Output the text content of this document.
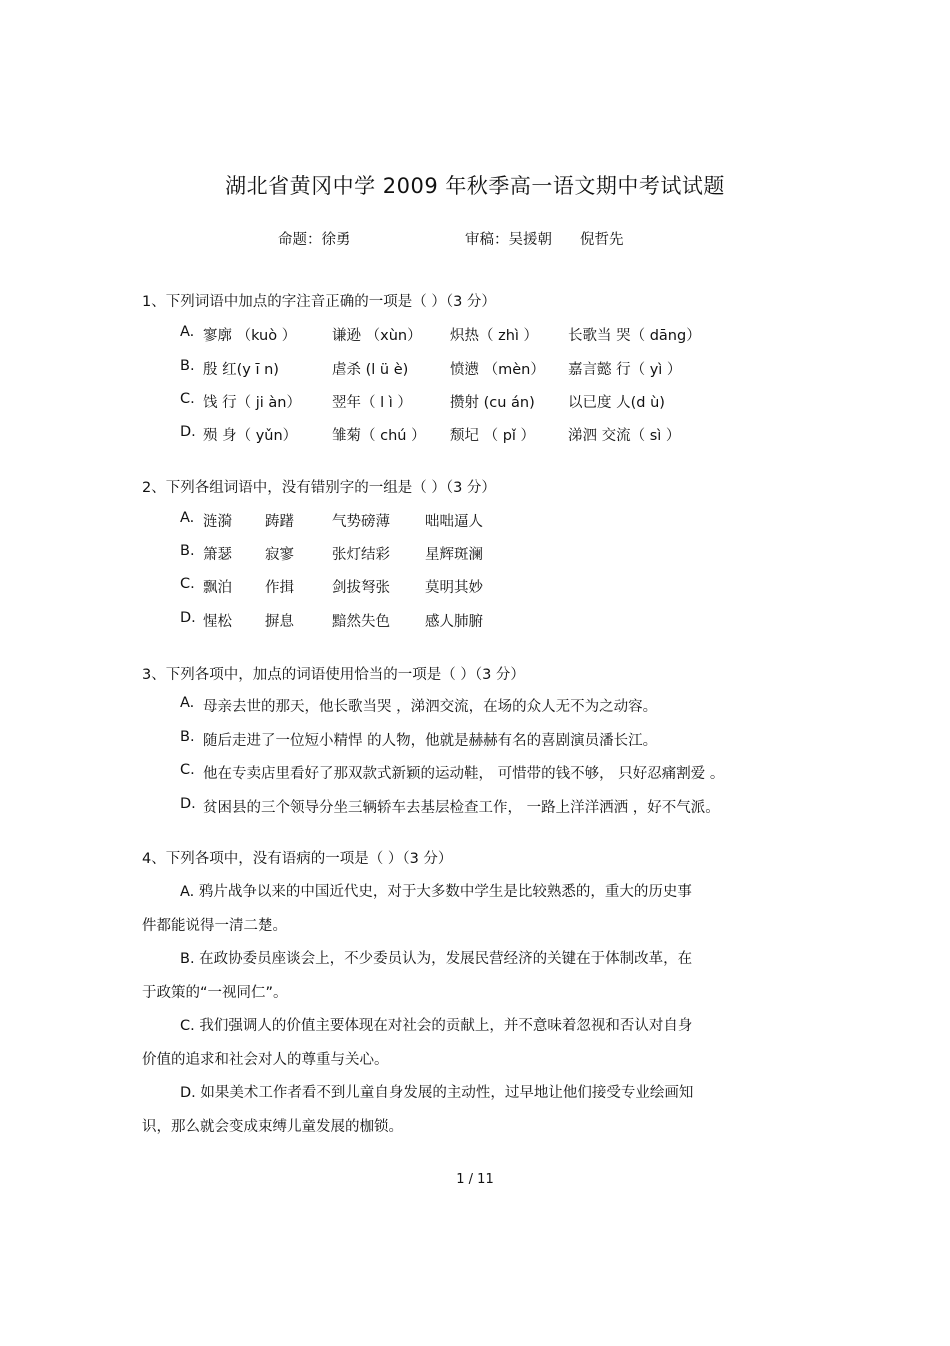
湖北省黄冈中学 2009 年秋季高一语文期中考试试题
命题：徐勇	审稿：吴援朝 倪哲先
1、下列词语中加点的字注音正确的一项是（ ）（3 分）
A. 寥廓 （kuò ） 谦逊 （xùn） 炽热（ zhì ） 长歌当 哭（ dāng）
B. 殷 红(y ī n)	虐杀 (l ü è)	愤懑 （mèn） 嘉言懿 行（ yì ）
C. 饯 行（ ji àn） 翌年（ l ì ）	攒射 (cu án) 以已度 人(d ù)
D. 殒 身（ yǔn） 雏菊（ chú ） 颓圮 （ pǐ ） 涕泗 交流（ sì ）
2、下列各组词语中，没有错别字的一组是（ ）（3 分）
A. 涟漪 踌躇	气势磅薄 咄咄逼人
B. 箫瑟 寂寥	张灯结彩 星辉斑澜
C. 飘泊 作揖	剑拔弩张 莫明其妙
D. 惺松 摒息	黯然失色 感人肺腑
3、下列各项中，加点的词语使用恰当的一项是（ ）（3 分）
A. 母亲去世的那天，他长歌当哭 ，涕泗交流，在场的众人无不为之动容。
B. 随后走进了一位短小精悍 的人物，他就是赫赫有名的喜剧演员潘长江。
C. 他在专卖店里看好了那双款式新颖的运动鞋， 可惜带的钱不够， 只好忍痛割爱 。
D. 贫困县的三个领导分坐三辆轿车去基层检查工作， 一路上洋洋洒洒 ，好不气派。
4、下列各项中，没有语病的一项是（ ）（3 分）
A. 鸦片战争以来的中国近代史，对于大多数中学生是比较熟悉的，重大的历史事
件都能说得一清二楚。
B. 在政协委员座谈会上，不少委员认为，发展民营经济的关键在于体制改革，在
于政策的“一视同仁”。
C. 我们强调人的价值主要体现在对社会的贡献上，并不意味着忽视和否认对自身
价值的追求和社会对人的尊重与关心。
D. 如果美术工作者看不到儿童自身发展的主动性，过早地让他们接受专业绘画知
识，那么就会变成束缚儿童发展的枷锁。
1 / 11
